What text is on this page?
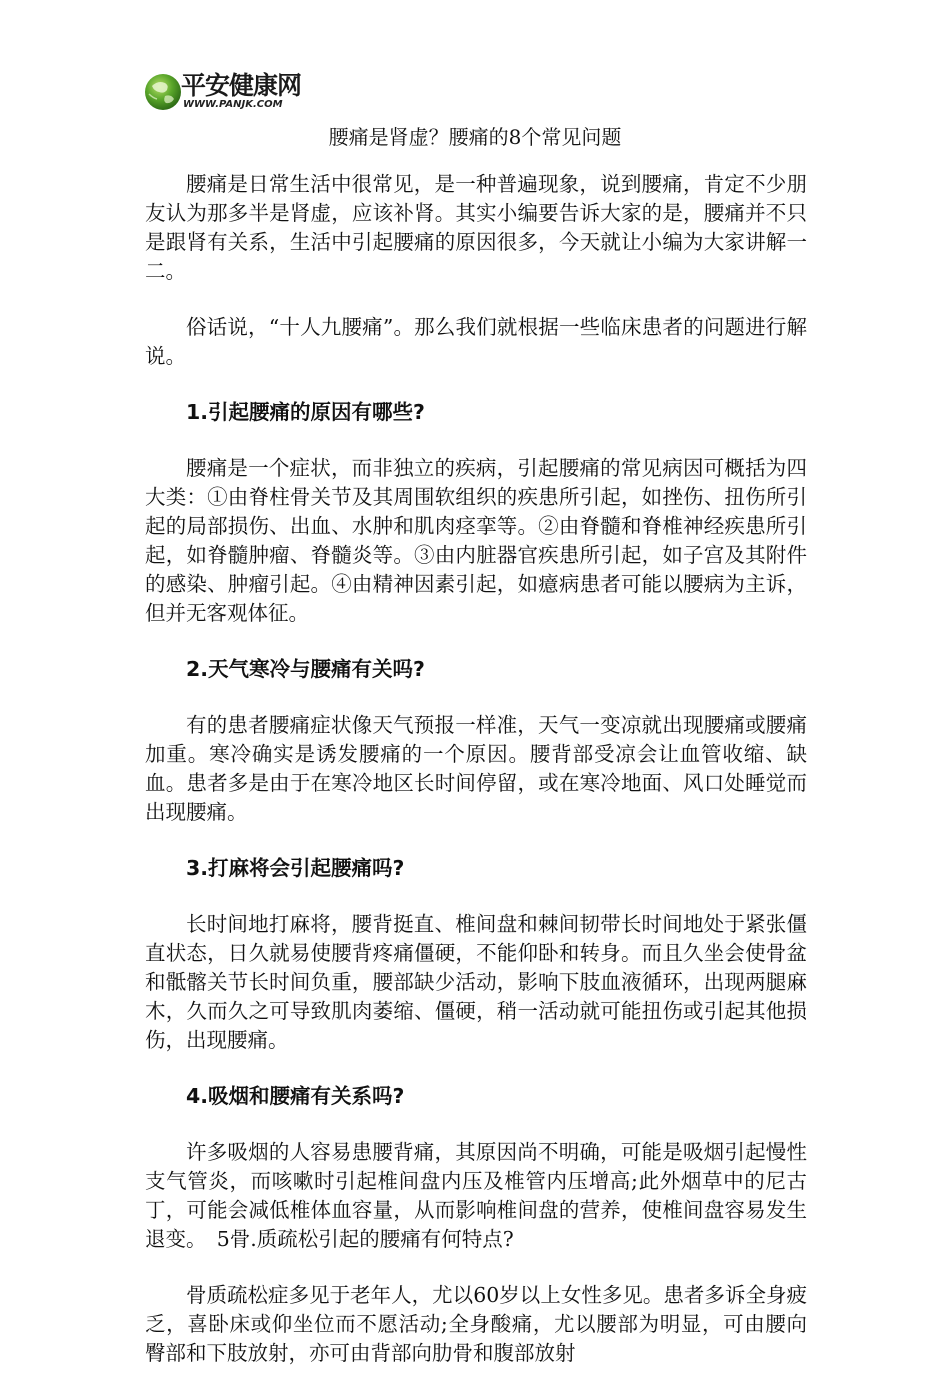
平安健康网
WWW.PANJK.COM
腰痛是肾虚？腰痛的8个常见问题

腰痛是日常生活中很常见，是一种普遍现象，说到腰痛，肯定不少朋友认为那多半是肾虚，应该补肾。其实小编要告诉大家的是，腰痛并不只是跟肾有关系，生活中引起腰痛的原因很多，今天就让小编为大家讲解一二。

俗话说，“十人九腰痛”。那么我们就根据一些临床患者的问题进行解说。

1.引起腰痛的原因有哪些?

腰痛是一个症状，而非独立的疾病，引起腰痛的常见病因可概括为四大类：①由脊柱骨关节及其周围软组织的疾患所引起，如挫伤、扭伤所引起的局部损伤、出血、水肿和肌肉痉挛等。②由脊髓和脊椎神经疾患所引起，如脊髓肿瘤、脊髓炎等。③由内脏器官疾患所引起，如子宫及其附件的感染、肿瘤引起。④由精神因素引起，如癔病患者可能以腰病为主诉，但并无客观体征。

2.天气寒冷与腰痛有关吗?

有的患者腰痛症状像天气预报一样准，天气一变凉就出现腰痛或腰痛加重。寒冷确实是诱发腰痛的一个原因。腰背部受凉会让血管收缩、缺血。患者多是由于在寒冷地区长时间停留，或在寒冷地面、风口处睡觉而出现腰痛。

3.打麻将会引起腰痛吗?

长时间地打麻将，腰背挺直、椎间盘和棘间韧带长时间地处于紧张僵直状态，日久就易使腰背疼痛僵硬，不能仰卧和转身。而且久坐会使骨盆和骶髂关节长时间负重，腰部缺少活动，影响下肢血液循环，出现两腿麻木，久而久之可导致肌肉萎缩、僵硬，稍一活动就可能扭伤或引起其他损伤，出现腰痛。

4.吸烟和腰痛有关系吗?

许多吸烟的人容易患腰背痛，其原因尚不明确，可能是吸烟引起慢性支气管炎，而咳嗽时引起椎间盘内压及椎管内压增高;此外烟草中的尼古丁，可能会减低椎体血容量，从而影响椎间盘的营养，使椎间盘容易发生退变。　5骨.质疏松引起的腰痛有何特点?

骨质疏松症多见于老年人，尤以60岁以上女性多见。患者多诉全身疲乏，喜卧床或仰坐位而不愿活动;全身酸痛，尤以腰部为明显，可由腰向臀部和下肢放射，亦可由背部向肋骨和腹部放射
